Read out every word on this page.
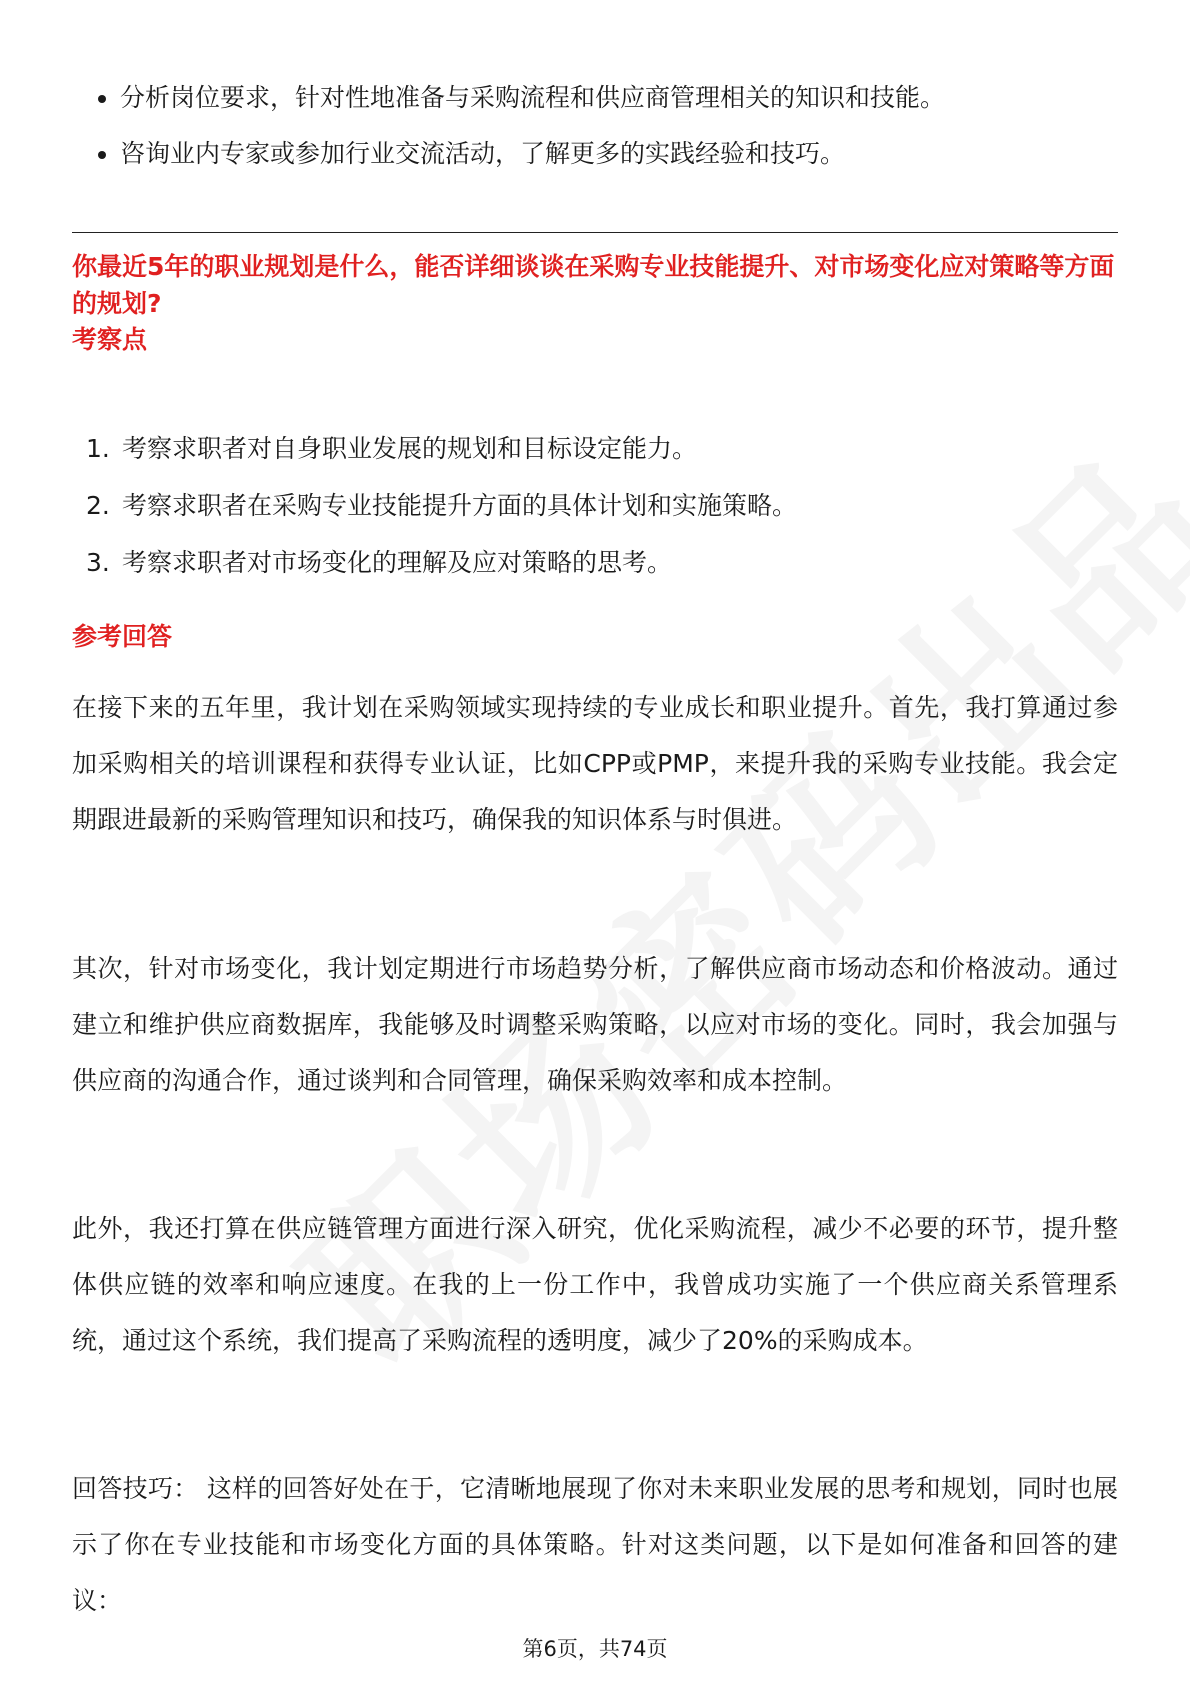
分析岗位要求，针对性地准备与采购流程和供应商管理相关的知识和技能。
咨询业内专家或参加行业交流活动，了解更多的实践经验和技巧。
你最近5年的职业规划是什么，能否详细谈谈在采购专业技能提升、对市场变化应对策略等方面的规划?
考察点
1. 考察求职者对自身职业发展的规划和目标设定能力。
2. 考察求职者在采购专业技能提升方面的具体计划和实施策略。
3. 考察求职者对市场变化的理解及应对策略的思考。
参考回答

在接下来的五年里，我计划在采购领域实现持续的专业成长和职业提升。首先，我打算通过参加采购相关的培训课程和获得专业认证，比如CPP或PMP，来提升我的采购专业技能。我会定期跟进最新的采购管理知识和技巧，确保我的知识体系与时俱进。

其次，针对市场变化，我计划定期进行市场趋势分析，了解供应商市场动态和价格波动。通过建立和维护供应商数据库，我能够及时调整采购策略，以应对市场的变化。同时，我会加强与供应商的沟通合作，通过谈判和合同管理，确保采购效率和成本控制。

此外，我还打算在供应链管理方面进行深入研究，优化采购流程，减少不必要的环节，提升整体供应链的效率和响应速度。在我的上一份工作中，我曾成功实施了一个供应商关系管理系统，通过这个系统，我们提高了采购流程的透明度，减少了20%的采购成本。

回答技巧： 这样的回答好处在于，它清晰地展现了你对未来职业发展的思考和规划，同时也展示了你在专业技能和市场变化方面的具体策略。针对这类问题，以下是如何准备和回答的建议：

第6页，共74页
